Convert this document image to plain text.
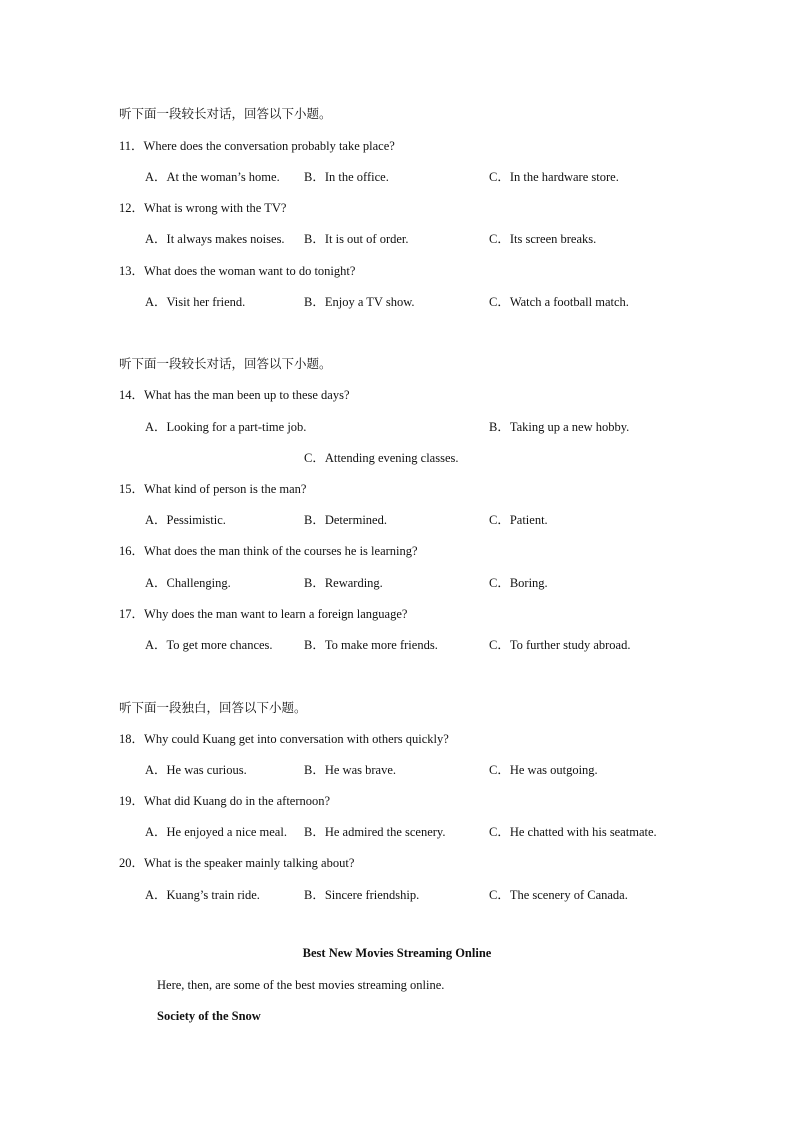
听下面一段较长对话，回答以下小题。
11．Where does the conversation probably take place?
A．At the woman’s home. B．In the office.	C．In the hardware store.
12．What is wrong with the TV?
A．It always makes noises. B．It is out of order.	C．Its screen breaks.
13．What does the woman want to do tonight?
A．Visit her friend.	B．Enjoy a TV show.	C．Watch a football match.
听下面一段较长对话，回答以下小题。
14．What has the man been up to these days?
A．Looking for a part-time job.	B．Taking up a new hobby.
C．Attending evening classes.
15．What kind of person is the man?
A．Pessimistic.	B．Determined.	C．Patient.
16．What does the man think of the courses he is learning?
A．Challenging.	B．Rewarding.	C．Boring.
17．Why does the man want to learn a foreign language?
A．To get more chances.	B．To make more friends.	C．To further study abroad.
听下面一段独白，回答以下小题。
18．Why could Kuang get into conversation with others quickly?
A．He was curious.	B．He was brave.	C．He was outgoing.
19．What did Kuang do in the afternoon?
A．He enjoyed a nice meal. B．He admired the scenery.	C．He chatted with his seatmate.
20．What is the speaker mainly talking about?
A．Kuang’s train ride.	B．Sincere friendship.	C．The scenery of Canada.
Best New Movies Streaming Online
Here, then, are some of the best movies streaming online.
Society of the Snow
